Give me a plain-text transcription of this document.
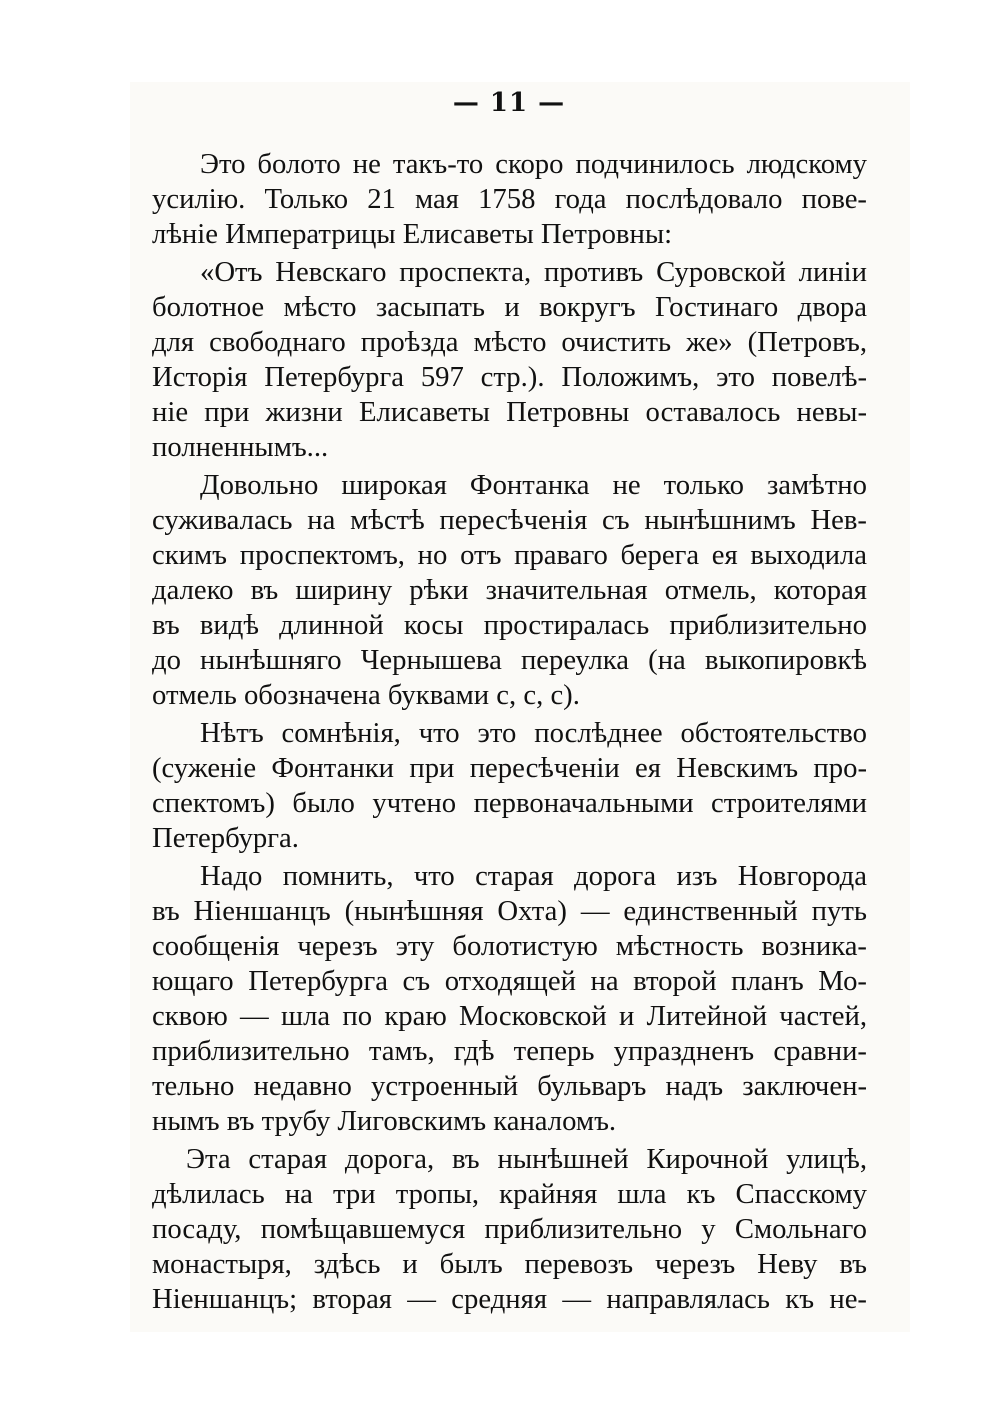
— 11 —
Это болото не такъ-то скоро подчинилось людскому
усилію. Только 21 мая 1758 года послѣдовало пове-
лѣніе Императрицы Елисаветы Петровны:
«Отъ Невскаго проспекта, противъ Суровской линіи
болотное мѣсто засыпать и вокругъ Гостинаго двора
для свободнаго проѣзда мѣсто очистить же» (Петровъ,
Исторія Петербурга 597 стр.). Положимъ, это повелѣ-
ніе при жизни Елисаветы Петровны оставалось невы-
полненнымъ...
Довольно широкая Фонтанка не только замѣтно
суживалась на мѣстѣ пересѣченія съ нынѣшнимъ Нев-
скимъ проспектомъ, но отъ праваго берега ея выходила
далеко въ ширину рѣки значительная отмель, которая
въ видѣ длинной косы простиралась приблизительно
до нынѣшняго Чернышева переулка (на выкопировкѣ
отмель обозначена буквами с, с, с).
Нѣтъ сомнѣнія, что это послѣднее обстоятельство
(суженіе Фонтанки при пересѣченіи ея Невскимъ про-
спектомъ) было учтено первоначальными строителями
Петербурга.
Надо помнить, что старая дорога изъ Новгорода
въ Ніеншанцъ (нынѣшняя Охта) — единственный путь
сообщенія черезъ эту болотистую мѣстность возника-
ющаго Петербурга съ отходящей на второй планъ Мо-
сквою — шла по краю Московской и Литейной частей,
приблизительно тамъ, гдѣ теперь упраздненъ сравни-
тельно недавно устроенный бульваръ надъ заключен-
нымъ въ трубу Лиговскимъ каналомъ.
Эта старая дорога, въ нынѣшней Кирочной улицѣ,
дѣлилась на три тропы, крайняя шла къ Спасскому
посаду, помѣщавшемуся приблизительно у Смольнаго
монастыря, здѣсь и былъ перевозъ черезъ Неву въ
Ніеншанцъ; вторая — средняя — направлялась къ не-
